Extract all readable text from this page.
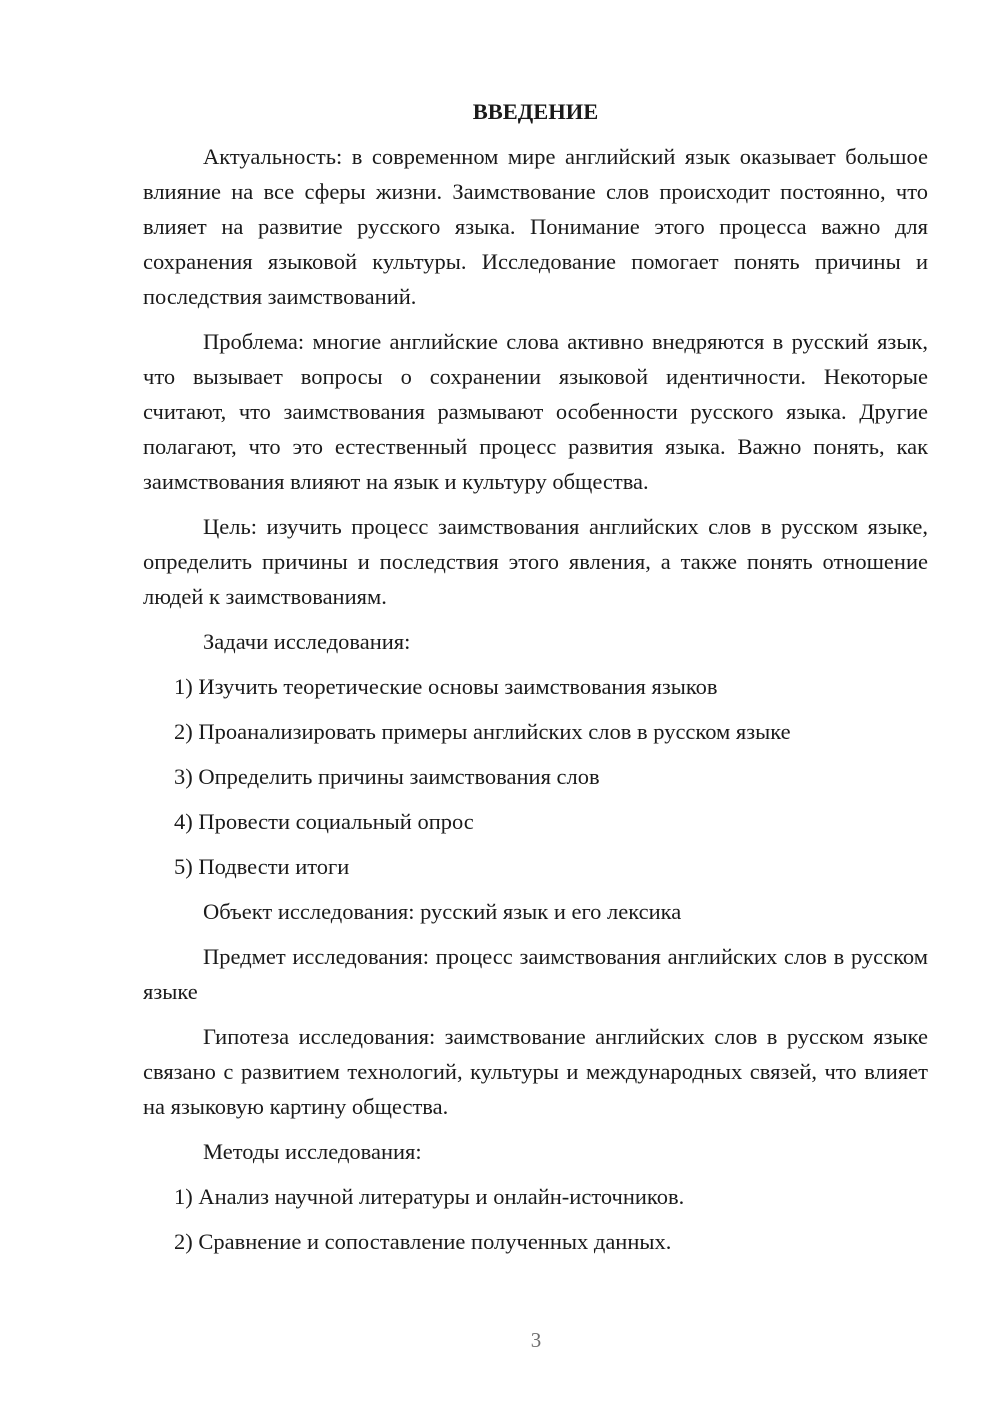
ВВЕДЕНИЕ

Актуальность: в современном мире английский язык оказывает большое влияние на все сферы жизни. Заимствование слов происходит постоянно, что влияет на развитие русского языка. Понимание этого процесса важно для сохранения языковой культуры. Исследование помогает понять причины и последствия заимствований.

Проблема: многие английские слова активно внедряются в русский язык, что вызывает вопросы о сохранении языковой идентичности. Некоторые считают, что заимствования размывают особенности русского языка. Другие полагают, что это естественный процесс развития языка. Важно понять, как заимствования влияют на язык и культуру общества.

Цель: изучить процесс заимствования английских слов в русском языке, определить причины и последствия этого явления, а также понять отношение людей к заимствованиям.

Задачи исследования:

1) Изучить теоретические основы заимствования языков
2) Проанализировать примеры английских слов в русском языке
3) Определить причины заимствования слов
4) Провести социальный опрос
5) Подвести итоги

Объект исследования: русский язык и его лексика

Предмет исследования: процесс заимствования английских слов в русском языке

Гипотеза исследования: заимствование английских слов в русском языке связано с развитием технологий, культуры и международных связей, что влияет на языковую картину общества.

Методы исследования:

1) Анализ научной литературы и онлайн-источников.
2) Сравнение и сопоставление полученных данных.
3
